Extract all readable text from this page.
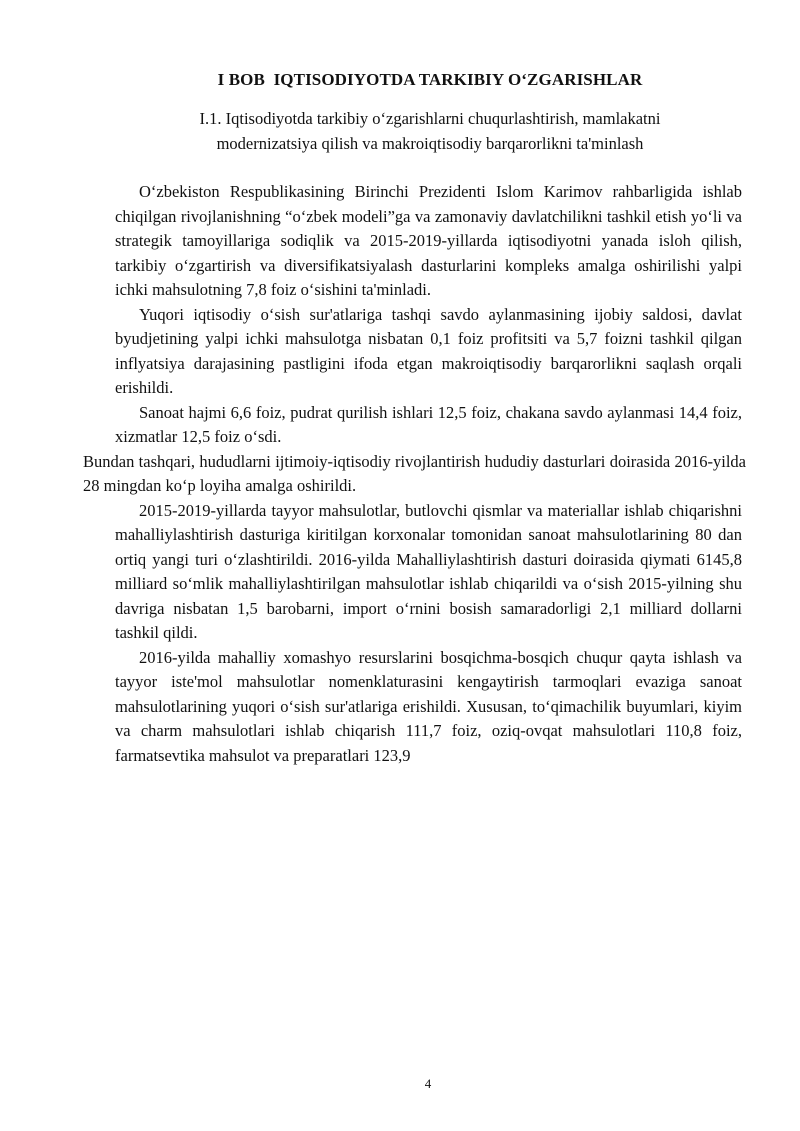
I BOB  IQTISODIYOTDA TARKIBIY O‘ZGARISHLAR
I.1. Iqtisodiyotda tarkibiy o‘zgarishlarni chuqurlashtirish, mamlakatni
modernizatsiya qilish va makroiqtisodiy barqarorlikni ta'minlash

O‘zbekiston Respublikasining Birinchi Prezidenti Islom Karimov rahbarligida ishlab chiqilgan rivojlanishning “o‘zbek modeli”ga va zamonaviy davlatchilikni tashkil etish yo‘li va strategik tamoyillariga sodiqlik va 2015-2019-yillarda iqtisodiyotni yanada isloh qilish, tarkibiy o‘zgartirish va diversifikatsiyalash dasturlarini kompleks amalga oshirilishi yalpi ichki mahsulotning 7,8 foiz o‘sishini ta'minladi.

Yuqori iqtisodiy o‘sish sur'atlariga tashqi savdo aylanmasining ijobiy saldosi, davlat byudjetining yalpi ichki mahsulotga nisbatan 0,1 foiz profitsiti va 5,7 foizni tashkil qilgan inflyatsiya darajasining pastligini ifoda etgan makroiqtisodiy barqarorlikni saqlash orqali erishildi.

Sanoat hajmi 6,6 foiz, pudrat qurilish ishlari 12,5 foiz, chakana savdo aylanmasi 14,4 foiz, xizmatlar 12,5 foiz o‘sdi.

Bundan tashqari, hududlarni ijtimoiy-iqtisodiy rivojlantirish hududiy dasturlari doirasida 2016-yilda 28 mingdan ko‘p loyiha amalga oshirildi.

2015-2019-yillarda tayyor mahsulotlar, butlovchi qismlar va materiallar ishlab chiqarishni mahalliylashtirish dasturiga kiritilgan korxonalar tomonidan sanoat mahsulotlarining 80 dan ortiq yangi turi o‘zlashtirildi. 2016-yilda Mahalliylashtirish dasturi doirasida qiymati 6145,8 milliard so‘mlik mahalliylashtirilgan mahsulotlar ishlab chiqarildi va o‘sish 2015-yilning shu davriga nisbatan 1,5 barobarni, import o‘rnini bosish samaradorligi 2,1 milliard dollarni tashkil qildi.

2016-yilda mahalliy xomashyo resurslarini bosqichma-bosqich chuqur qayta ishlash va tayyor iste'mol mahsulotlar nomenklaturasini kengaytirish tarmoqlari evaziga sanoat mahsulotlarining yuqori o‘sish sur'atlariga erishildi. Xususan, to‘qimachilik buyumlari, kiyim va charm mahsulotlari ishlab chiqarish 111,7 foiz, oziq-ovqat mahsulotlari 110,8 foiz, farmatsevtika mahsulot va preparatlari 123,9

4
